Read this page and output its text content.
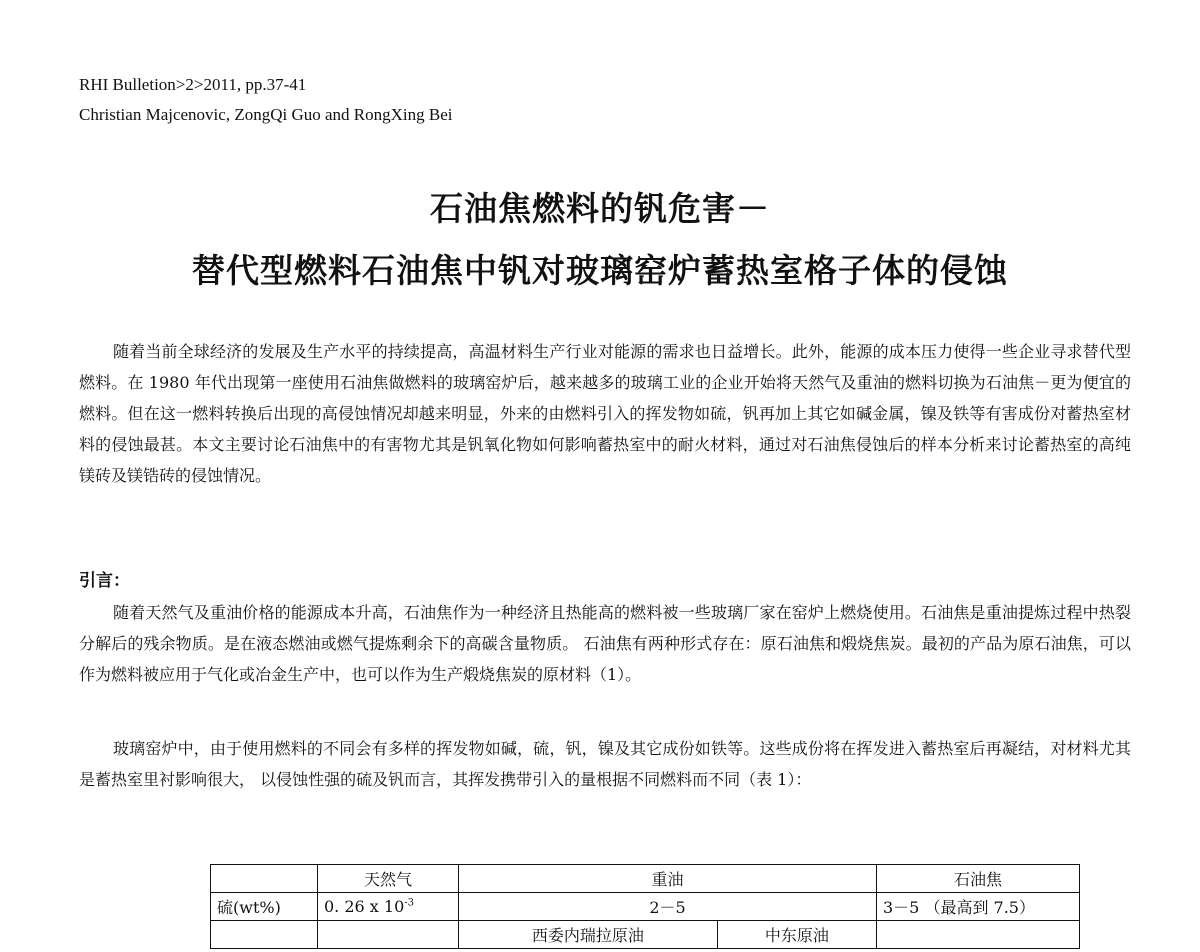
RHI Bulletion>2>2011, pp.37-41
Christian Majcenovic, ZongQi Guo and RongXing Bei
石油焦燃料的钒危害－
替代型燃料石油焦中钒对玻璃窑炉蓄热室格子体的侵蚀

随着当前全球经济的发展及生产水平的持续提高，高温材料生产行业对能源的需求也日益增长。此外，能源的成本压力使得一些企业寻求替代型燃料。在 1980 年代出现第一座使用石油焦做燃料的玻璃窑炉后，越来越多的玻璃工业的企业开始将天然气及重油的燃料切换为石油焦－更为便宜的燃料。但在这一燃料转换后出现的高侵蚀情况却越来明显，外来的由燃料引入的挥发物如硫，钒再加上其它如碱金属，镍及铁等有害成份对蓄热室材料的侵蚀最甚。本文主要讨论石油焦中的有害物尤其是钒氧化物如何影响蓄热室中的耐火材料，通过对石油焦侵蚀后的样本分析来讨论蓄热室的高纯镁砖及镁锆砖的侵蚀情况。

引言：

随着天然气及重油价格的能源成本升高，石油焦作为一种经济且热能高的燃料被一些玻璃厂家在窑炉上燃烧使用。石油焦是重油提炼过程中热裂分解后的残余物质。是在液态燃油或燃气提炼剩余下的高碳含量物质。 石油焦有两种形式存在：原石油焦和煅烧焦炭。最初的产品为原石油焦，可以作为燃料被应用于气化或冶金生产中，也可以作为生产煅烧焦炭的原材料（1）。

玻璃窑炉中，由于使用燃料的不同会有多样的挥发物如碱，硫，钒，镍及其它成份如铁等。这些成份将在挥发进入蓄热室后再凝结，对材料尤其是蓄热室里衬影响很大， 以侵蚀性强的硫及钒而言，其挥发携带引入的量根据不同燃料而不同（表 1）：

	天然气	重油		石油焦
硫(wt%)	0. 26 x $10^{-3}$	2－5		3－5 （最高到 7.5）
		西委内瑞拉原油	中东原油	
